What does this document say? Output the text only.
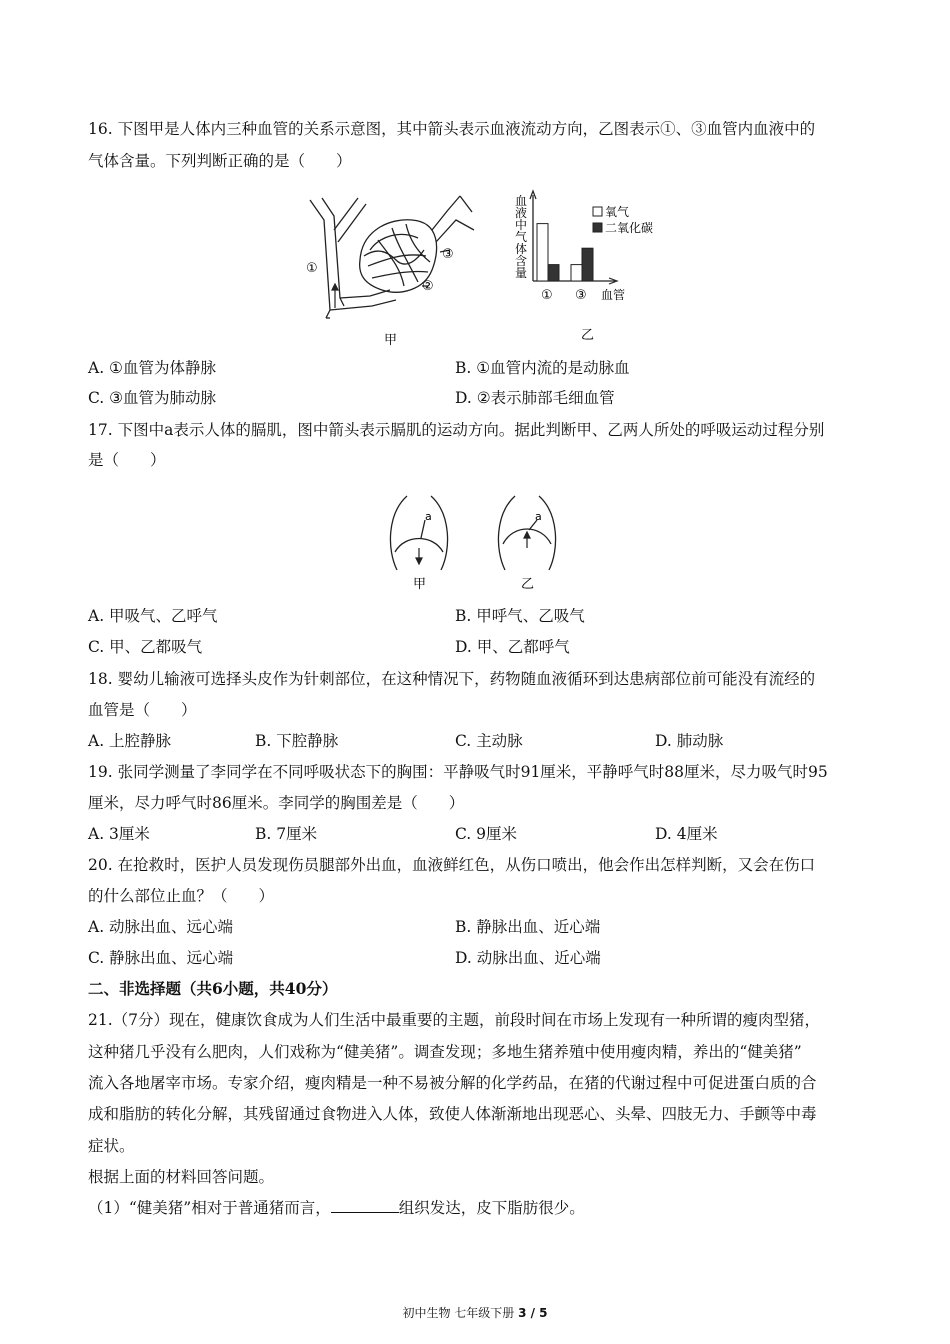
16. 下图甲是人体内三种血管的关系示意图，其中箭头表示血液流动方向，乙图表示①、③血管内血液中的
气体含量。下列判断正确的是（　　）
①
②
③
甲
血液中气体含量
氧气
二氧化碳
① ③ 血管
乙
A. ①血管为体静脉	B. ①血管内流的是动脉血
C. ③血管为肺动脉	D. ②表示肺部毛细血管
17. 下图中a表示人体的膈肌，图中箭头表示膈肌的运动方向。据此判断甲、乙两人所处的呼吸运动过程分别
是（　　）
a	a
甲	乙
A. 甲吸气、乙呼气	B. 甲呼气、乙吸气
C. 甲、乙都吸气	D. 甲、乙都呼气
18. 婴幼儿输液可选择头皮作为针刺部位，在这种情况下，药物随血液循环到达患病部位前可能没有流经的
血管是（　　）
A. 上腔静脉	B. 下腔静脉	C. 主动脉	D. 肺动脉
19. 张同学测量了李同学在不同呼吸状态下的胸围：平静吸气时91厘米，平静呼气时88厘米，尽力吸气时95
厘米，尽力呼气时86厘米。李同学的胸围差是（　　）
A. 3厘米	B. 7厘米	C. 9厘米	D. 4厘米
20. 在抢救时，医护人员发现伤员腿部外出血，血液鲜红色，从伤口喷出，他会作出怎样判断，又会在伤口
的什么部位止血？（　　）
A. 动脉出血、远心端	B. 静脉出血、近心端
C. 静脉出血、远心端	D. 动脉出血、近心端
二、非选择题（共6小题，共40分）
21.（7分）现在，健康饮食成为人们生活中最重要的主题，前段时间在市场上发现有一种所谓的瘦肉型猪，
这种猪几乎没有么肥肉，人们戏称为“健美猪”。调查发现；多地生猪养殖中使用瘦肉精，养出的“健美猪”
流入各地屠宰市场。专家介绍，瘦肉精是一种不易被分解的化学药品，在猪的代谢过程中可促进蛋白质的合
成和脂肪的转化分解，其残留通过食物进入人体，致使人体渐渐地出现恶心、头晕、四肢无力、手颤等中毒
症状。
根据上面的材料回答问题。
（1）“健美猪”相对于普通猪而言，	组织发达，皮下脂肪很少。
初中生物 七年级下册 3 / 5
